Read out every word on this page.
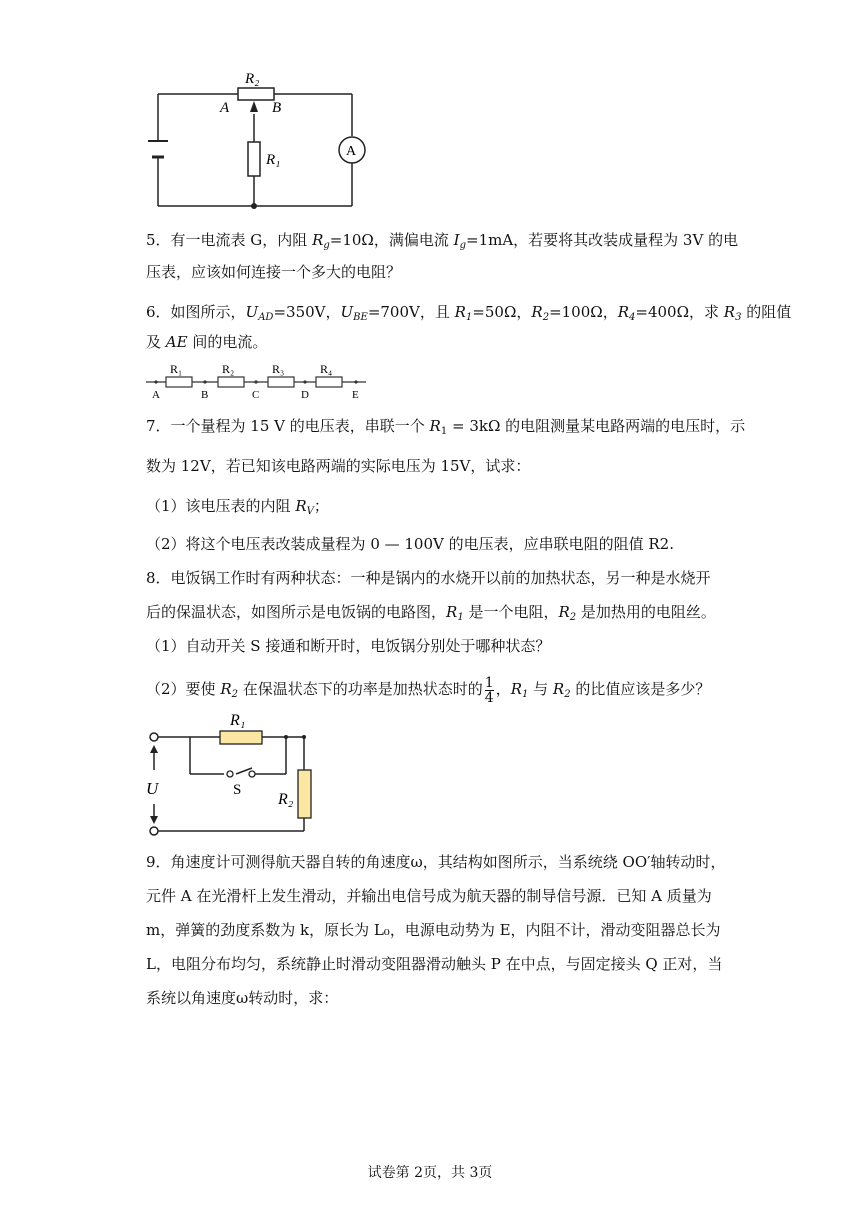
R₂
A	B
R₁
A
5．有一电流表 G，内阻 $R_g=10\Omega$，满偏电流 $I_g=1mA$，若要将其改装成量程为 3V 的电
压表，应该如何连接一个多大的电阻？
6．如图所示，$U_{AD}=350V$，$U_{BE}=700V$，且 $R_1=50\Omega$，$R_2=100\Omega$，$R_4=400\Omega$，求 $R_3$ 的阻值
及 AE 间的电流。
R₁	R₂	R₃	R₄
A	B	C	D	E
7．一个量程为 15 V 的电压表，串联一个 $R_1 = 3k\Omega$ 的电阻测量某电路两端的电压时，示
数为 12V，若已知该电路两端的实际电压为 15V，试求：
（1）该电压表的内阻 $R_V$；
（2）将这个电压表改装成量程为 0 — 100V 的电压表，应串联电阻的阻值 R2.
8．电饭锅工作时有两种状态：一种是锅内的水烧开以前的加热状态，另一种是水烧开
后的保温状态，如图所示是电饭锅的电路图，$R_1$ 是一个电阻，$R_2$ 是加热用的电阻丝。
（1）自动开关 S 接通和断开时，电饭锅分别处于哪种状态？
（2）要使 $R_2$ 在保温状态下的功率是加热状态时的 $\frac{1}{4}$ ，$R_1$ 与 $R_2$ 的比值应该是多少？
R₁
S
U
R₂
9．角速度计可测得航天器自转的角速度ω，其结构如图所示，当系统绕 OO′轴转动时，
元件 A 在光滑杆上发生滑动，并输出电信号成为航天器的制导信号源．已知 A 质量为
m，弹簧的劲度系数为 k，原长为 L₀，电源电动势为 E，内阻不计，滑动变阻器总长为
L，电阻分布均匀，系统静止时滑动变阻器滑动触头 P 在中点，与固定接头 Q 正对，当
系统以角速度ω转动时，求：
试卷第 2页，共 3页
